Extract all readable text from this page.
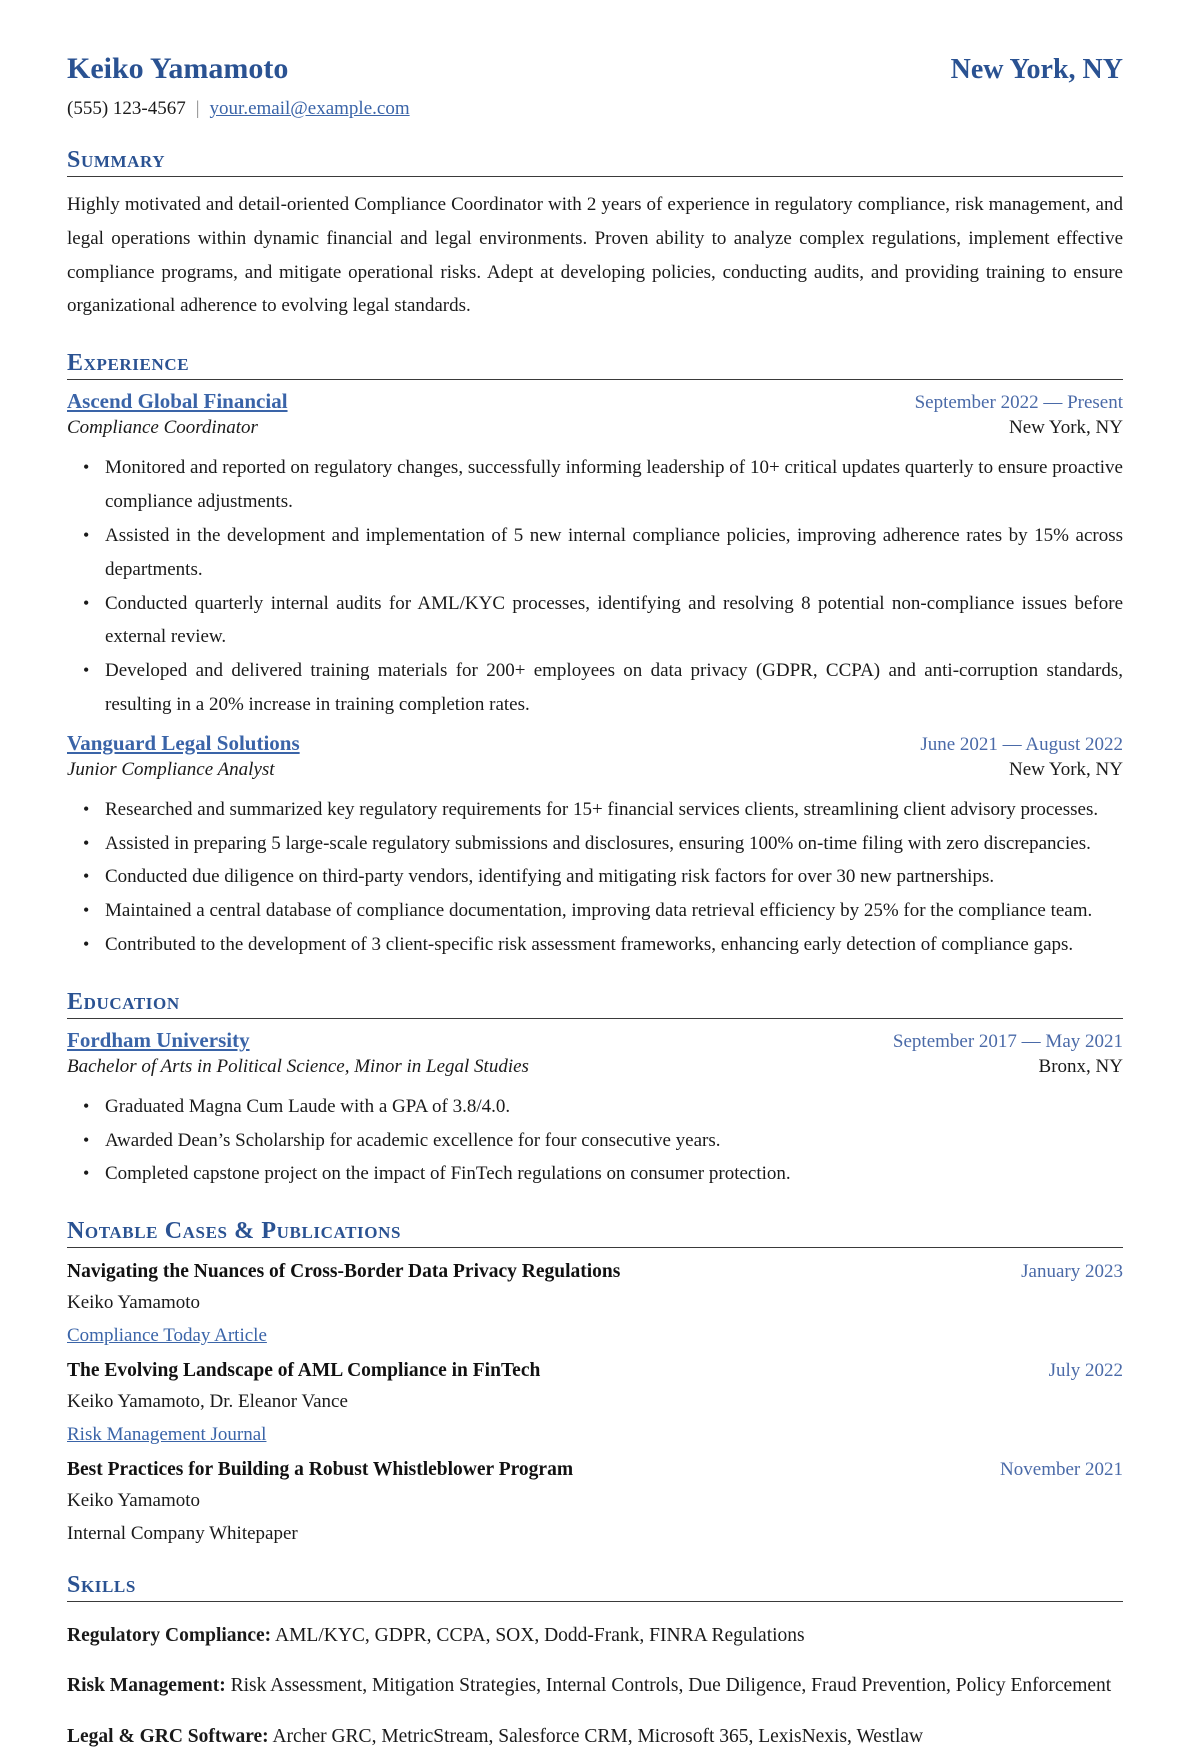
Keiko Yamamoto	New York, NY
(555) 123-4567 | your.email@example.com
Summary
Highly motivated and detail-oriented Compliance Coordinator with 2 years of experience in regulatory compliance, risk management, and legal operations within dynamic financial and legal environments. Proven ability to analyze complex regulations, implement effective compliance programs, and mitigate operational risks. Adept at developing policies, conducting audits, and providing training to ensure organizational adherence to evolving legal standards.
Experience
Ascend Global Financial	September 2022 — Present
Compliance Coordinator	New York, NY
• Monitored and reported on regulatory changes, successfully informing leadership of 10+ critical updates quarterly to ensure proactive compliance adjustments.
• Assisted in the development and implementation of 5 new internal compliance policies, improving adherence rates by 15% across departments.
• Conducted quarterly internal audits for AML/KYC processes, identifying and resolving 8 potential non-compliance issues before external review.
• Developed and delivered training materials for 200+ employees on data privacy (GDPR, CCPA) and anti-corruption standards, resulting in a 20% increase in training completion rates.
Vanguard Legal Solutions	June 2021 — August 2022
Junior Compliance Analyst	New York, NY
• Researched and summarized key regulatory requirements for 15+ financial services clients, streamlining client advisory processes.
• Assisted in preparing 5 large-scale regulatory submissions and disclosures, ensuring 100% on-time filing with zero discrepancies.
• Conducted due diligence on third-party vendors, identifying and mitigating risk factors for over 30 new partnerships.
• Maintained a central database of compliance documentation, improving data retrieval efficiency by 25% for the compliance team.
• Contributed to the development of 3 client-specific risk assessment frameworks, enhancing early detection of compliance gaps.
Education
Fordham University	September 2017 — May 2021
Bachelor of Arts in Political Science, Minor in Legal Studies	Bronx, NY
• Graduated Magna Cum Laude with a GPA of 3.8/4.0.
• Awarded Dean’s Scholarship for academic excellence for four consecutive years.
• Completed capstone project on the impact of FinTech regulations on consumer protection.
Notable Cases & Publications
Navigating the Nuances of Cross-Border Data Privacy Regulations	January 2023
Keiko Yamamoto
Compliance Today Article
The Evolving Landscape of AML Compliance in FinTech	July 2022
Keiko Yamamoto, Dr. Eleanor Vance
Risk Management Journal
Best Practices for Building a Robust Whistleblower Program	November 2021
Keiko Yamamoto
Internal Company Whitepaper
Skills
Regulatory Compliance: AML/KYC, GDPR, CCPA, SOX, Dodd-Frank, FINRA Regulations
Risk Management: Risk Assessment, Mitigation Strategies, Internal Controls, Due Diligence, Fraud Prevention, Policy Enforcement
Legal & GRC Software: Archer GRC, MetricStream, Salesforce CRM, Microsoft 365, LexisNexis, Westlaw
